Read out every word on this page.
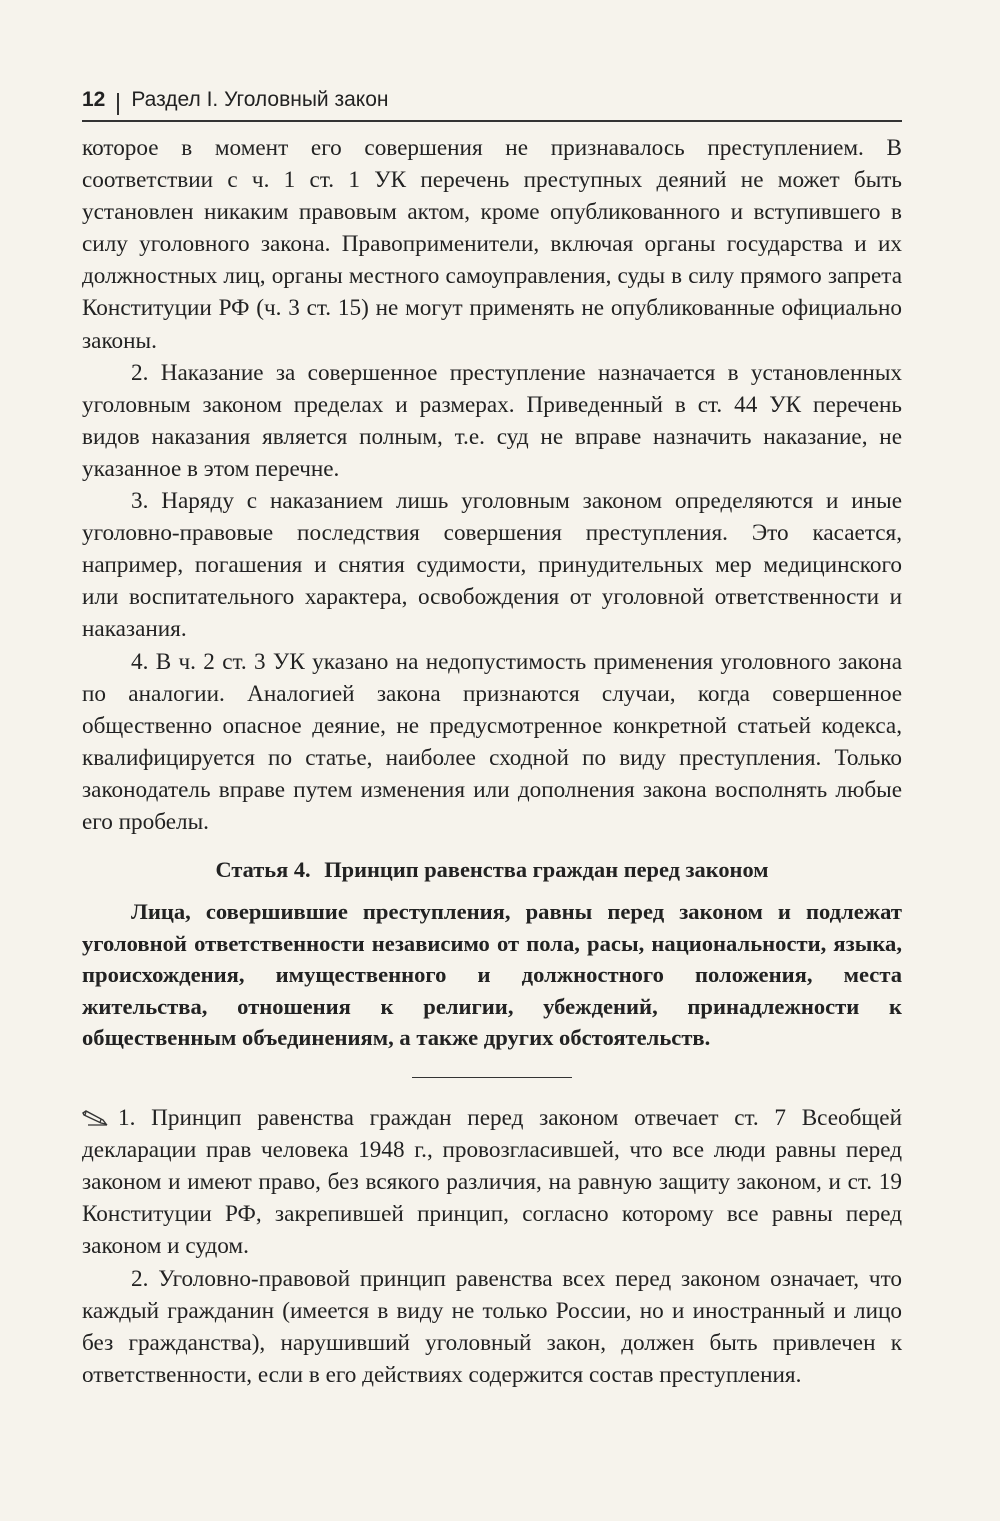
12 Раздел I. Уголовный закон

которое в момент его совершения не признавалось преступлением. В соответствии с ч. 1 ст. 1 УК перечень преступных деяний не может быть установлен никаким правовым актом, кроме опубликованного и вступившего в силу уголовного закона. Правоприменители, включая органы государства и их должностных лиц, органы местного самоуправления, суды в силу прямого запрета Конституции РФ (ч. 3 ст. 15) не могут применять не опубликованные официально законы.

2. Наказание за совершенное преступление назначается в установленных уголовным законом пределах и размерах. Приведенный в ст. 44 УК перечень видов наказания является полным, т.е. суд не вправе назначить наказание, не указанное в этом перечне.

3. Наряду с наказанием лишь уголовным законом определяются и иные уголовно-правовые последствия совершения преступления. Это касается, например, погашения и снятия судимости, принудительных мер медицинского или воспитательного характера, освобождения от уголовной ответственности и наказания.

4. В ч. 2 ст. 3 УК указано на недопустимость применения уголовного закона по аналогии. Аналогией закона признаются случаи, когда совершенное общественно опасное деяние, не предусмотренное конкретной статьей кодекса, квалифицируется по статье, наиболее сходной по виду преступления. Только законодатель вправе путем изменения или дополнения закона восполнять любые его пробелы.

Статья 4. Принцип равенства граждан перед законом

Лица, совершившие преступления, равны перед законом и подлежат уголовной ответственности независимо от пола, расы, национальности, языка, происхождения, имущественного и должностного положения, места жительства, отношения к религии, убеждений, принадлежности к общественным объединениям, а также других обстоятельств.

1. Принцип равенства граждан перед законом отвечает ст. 7 Всеобщей декларации прав человека 1948 г., провозгласившей, что все люди равны перед законом и имеют право, без всякого различия, на равную защиту законом, и ст. 19 Конституции РФ, закрепившей принцип, согласно которому все равны перед законом и судом.

2. Уголовно-правовой принцип равенства всех перед законом означает, что каждый гражданин (имеется в виду не только России, но и иностранный и лицо без гражданства), нарушивший уголовный закон, должен быть привлечен к ответственности, если в его действиях содержится состав преступления.
